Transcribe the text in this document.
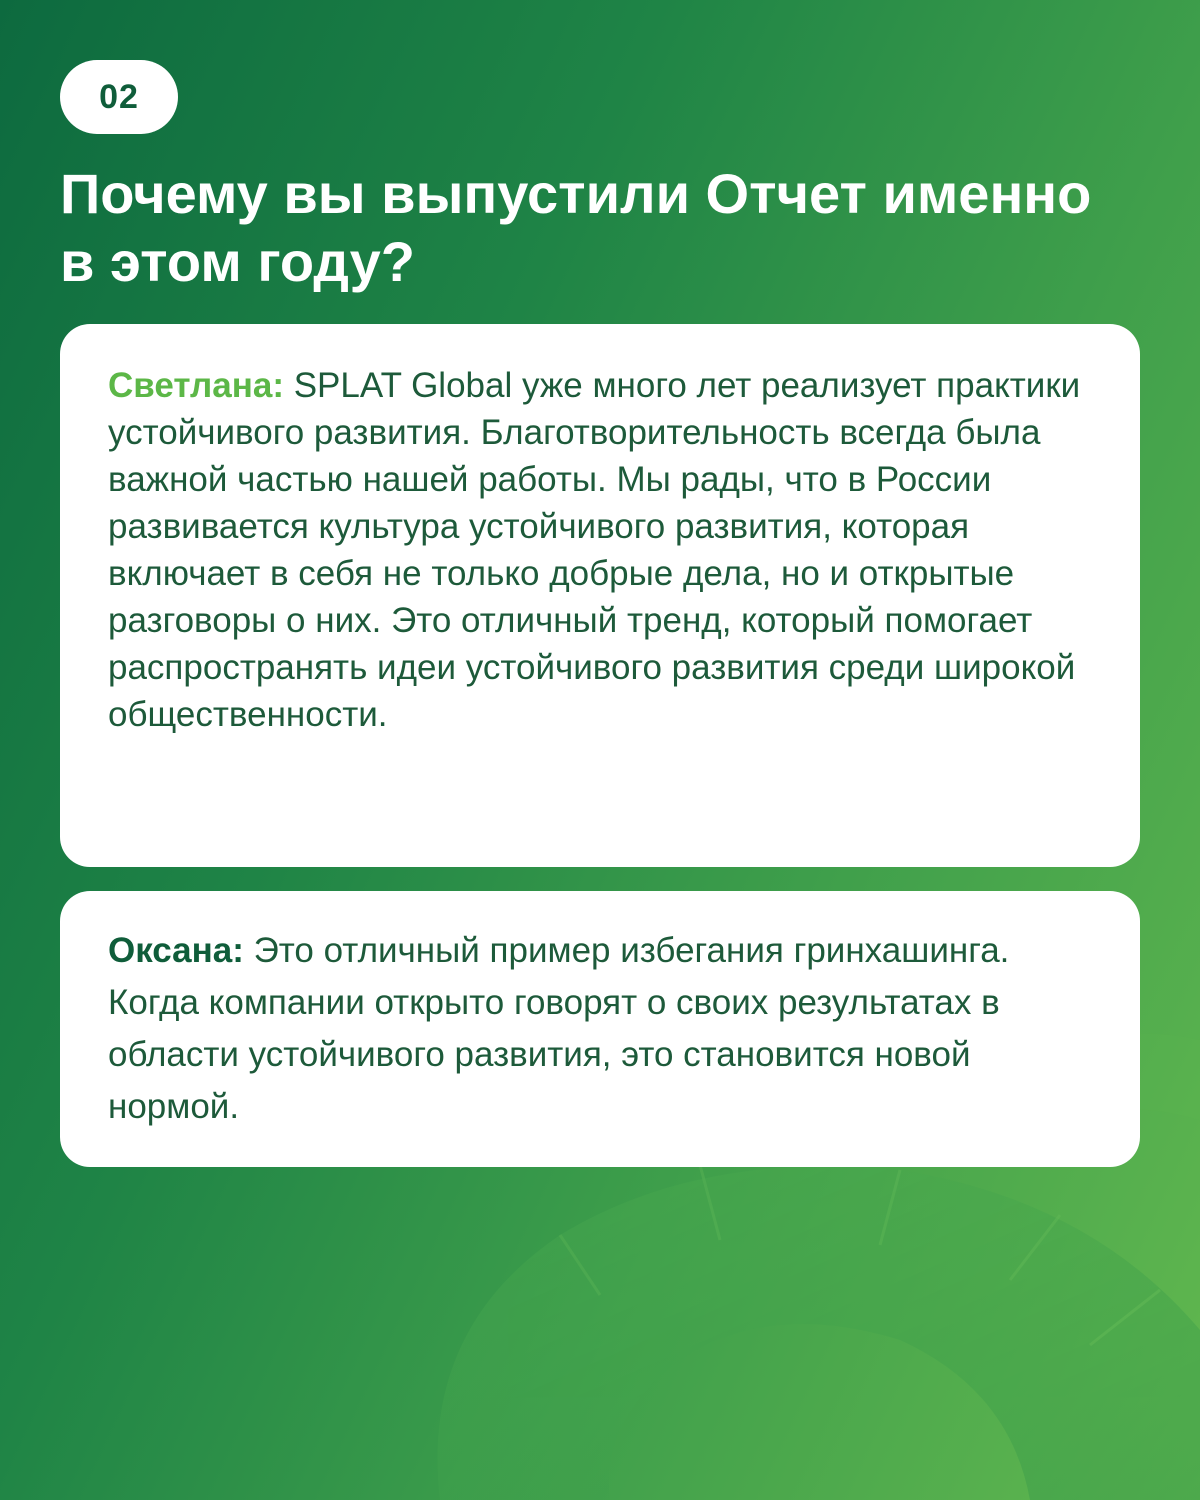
02
Почему вы выпустили Отчет именно
в этом году?

Светлана: SPLAT Global уже много лет реализует практики устойчивого развития. Благотворительность всегда была важной частью нашей работы. Мы рады, что в России развивается культура устойчивого развития, которая включает в себя не только добрые дела, но и открытые разговоры о них. Это отличный тренд, который помогает распространять идеи устойчивого развития среди широкой общественности.

Оксана: Это отличный пример избегания гринхашинга. Когда компании открыто говорят о своих результатах в области устойчивого развития, это становится новой нормой.
